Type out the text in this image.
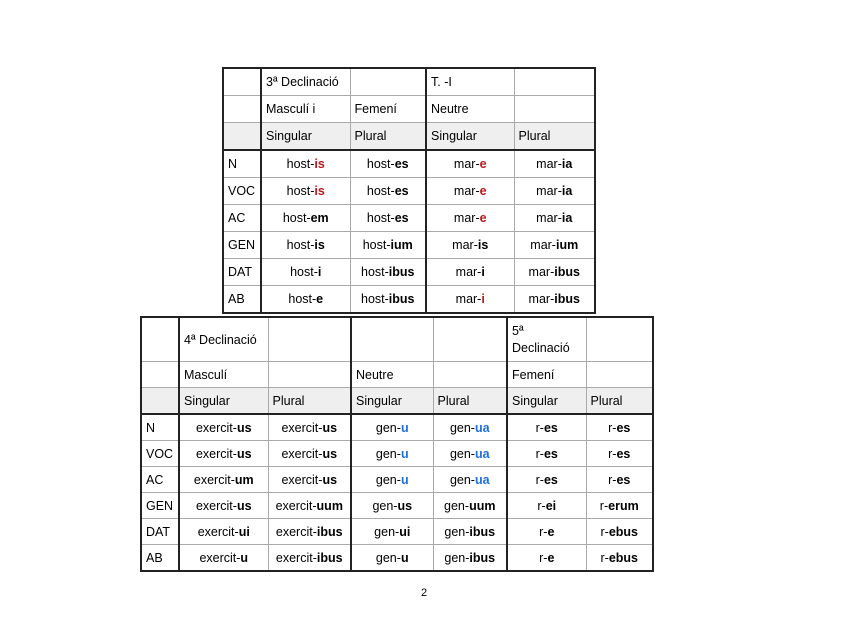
	3ª Declinació		T. -I	
	Masculí i	Femení	Neutre	
	Singular	Plural	Singular	Plural
N	host-is	host-es	mar-e	mar-ia
VOC	host-is	host-es	mar-e	mar-ia
AC	host-em	host-es	mar-e	mar-ia
GEN	host-is	host-ium	mar-is	mar-ium
DAT	host-i	host-ibus	mar-i	mar-ibus
AB	host-e	host-ibus	mar-i	mar-ibus
	4ª Declinació				5ª Declinació	
	Masculí		Neutre		Femení	
	Singular	Plural	Singular	Plural	Singular	Plural
N	exercit-us	exercit-us	gen-u	gen-ua	r-es	r-es
VOC	exercit-us	exercit-us	gen-u	gen-ua	r-es	r-es
AC	exercit-um	exercit-us	gen-u	gen-ua	r-es	r-es
GEN	exercit-us	exercit-uum	gen-us	gen-uum	r-ei	r-erum
DAT	exercit-ui	exercit-ibus	gen-ui	gen-ibus	r-e	r-ebus
AB	exercit-u	exercit-ibus	gen-u	gen-ibus	r-e	r-ebus
2
